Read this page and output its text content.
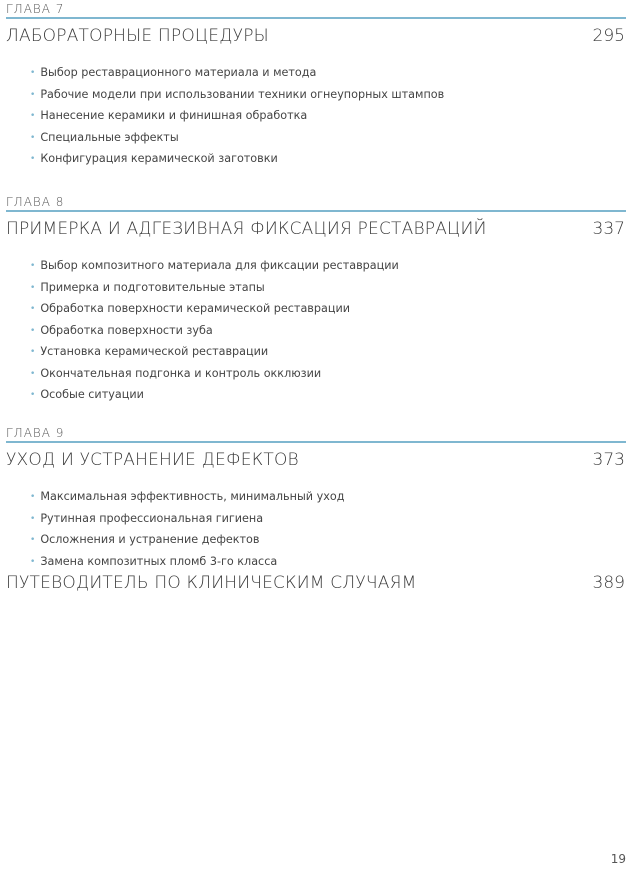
ГЛАВА 7
ЛАБОРАТОРНЫЕ ПРОЦЕДУРЫ	295
• Выбор реставрационного материала и метода
• Рабочие модели при использовании техники огнеупорных штампов
• Нанесение керамики и финишная обработка
• Специальные эффекты
• Конфигурация керамической заготовки
ГЛАВА 8
ПРИМЕРКА И АДГЕЗИВНАЯ ФИКСАЦИЯ РЕСТАВРАЦИЙ	337
• Выбор композитного материала для фиксации реставрации
• Примерка и подготовительные этапы
• Обработка поверхности керамической реставрации
• Обработка поверхности зуба
• Установка керамической реставрации
• Окончательная подгонка и контроль окклюзии
• Особые ситуации
ГЛАВА 9
УХОД И УСТРАНЕНИЕ ДЕФЕКТОВ	373
• Максимальная эффективность, минимальный уход
• Рутинная профессиональная гигиена
• Осложнения и устранение дефектов
• Замена композитных пломб 3-го класса
ПУТЕВОДИТЕЛЬ ПО КЛИНИЧЕСКИМ СЛУЧАЯМ	389
19
